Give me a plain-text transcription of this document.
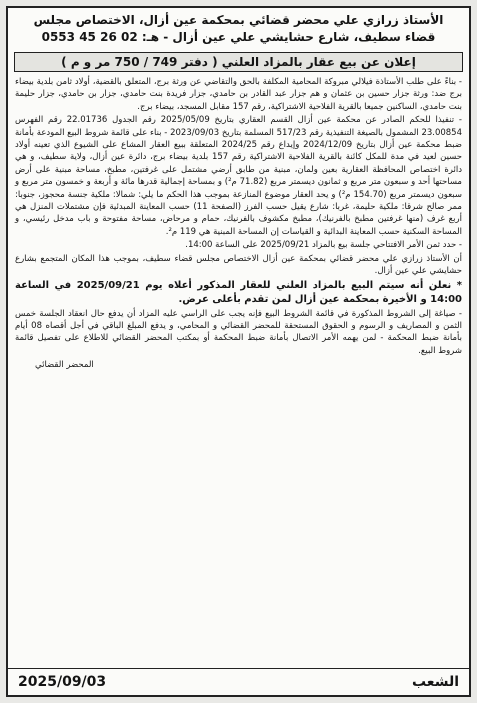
الأستاذ زرازي علي محضر قضائي بمحكمة عين أزال، الاختصاص مجلس
قضاء سطيف، شارع حشايشي علي عين أزال - هـ: 02 26 45 0553
إعلان عن بيع عقار بالمزاد العلني ( دفتر 749 / 750 مر و م )

- بناءً على طلب الأستاذة فيلالي مبروكة المحامية المكلفة بالحق والتقاضي عن ورثة برج، المتعلق بالقضية، أولاد ثامن بلدية بيضاء برج ضد: ورثة جزار حسين بن عثمان و هم جزار عبد القادر بن حامدي، جزار فريدة بنت حامدي، جزار بن حامدي، جزار حليمة بنت حامدي، الساكنين جميعا بالقرية الفلاحية الاشتراكية، رقم 157 مقابل المسجد، بيضاء برج.

- تنفيذا للحكم الصادر عن محكمة عين أزال القسم العقاري بتاريخ 2025/05/09 رقم الجدول 22.01736 رقم الفهرس 23.00854 المشمول بالصيغة التنفيذية رقم 517/23 المسلمة بتاريخ 2023/09/03 - بناء على قائمة شروط البيع المودعة بأمانة ضبط محكمة عين أزال بتاريخ 2024/12/09 وإيداع رقم 2024/25 المتعلقة ببيع العقار المشاع على الشيوع الذي تعينه أولاد حسين لعيد في مدة للمكل كائنة بالقرية الفلاحية الاشتراكية رقم 157 بلدية بيضاء برج، دائرة عين أزال، ولاية سطيف، و هي دائرة اختصاص المحافظة العقارية بعين ولمان، مبنية من طابق أرضي مشتمل على غرفتين، مطبخ، مساحة مبنية على أرض مساحتها أحد و سبعون متر مربع و ثمانون ديسمتر مربع (71.82 م²) و بمساحة إجمالية قدرها مائة و أربعة و خمسون متر مربع و سبعون ديسمتر مربع (154.70 م²) و يحد العقار موضوع المنازعة بموجب هذا الحكم ما يلي: شمالا: ملكية جنسة محجوز، جنوبا: ممر صالح شرقا: ملكية حليمة، غربا: شارع يقيل حسب الفرز (الصفحة 11) حسب المعاينة المبدئية فإن مشتملات المنزل هي أربع غرف (منها غرفتين مطبخ بالفرنيك)، مطبخ مكشوف بالفرنيك، حمام و مرحاض، مساحة مفتوحة و باب مدخل رئيسي، و المساحة السكنية حسب المعاينة البدائية و القياسات إن المساحة المبنية هي 119 م².

- حدد ثمن الأمر الافتتاحي جلسة بيع بالمزاد 2025/09/21 على الساعة 14:00.

أن الأستاذ زرازي علي محضر قضائي بمحكمة عين أزال الاختصاص مجلس قضاء سطيف، بموجب هذا المكان المتجمع بشارع حشايشي علي عين أزال.

* نعلن أنه سيتم البيع بالمزاد العلني للعقار المذكور أعلاه يوم 2025/09/21 في الساعة 14:00 و الأخيرة بمحكمة عين أزال لمن تقدم بأعلى عرض.

- صياغة إلى الشروط المذكورة في قائمة الشروط البيع فإنه يجب على الراسي عليه المزاد أن يدفع حال انعقاد الجلسة خمس الثمن و المصاريف و الرسوم و الحقوق المستحقة للمحضر القضائي و المحامي، و يدفع المبلغ الباقي في أجل أقصاه 08 أيام بأمانة ضبط المحكمة - لمن يهمه الأمر الاتصال بأمانة ضبط المحكمة أو بمكتب المحضر القضائي للاطلاع على تفصيل قائمة شروط البيع.

المحضر القضائي
الشعب
2025/09/03
